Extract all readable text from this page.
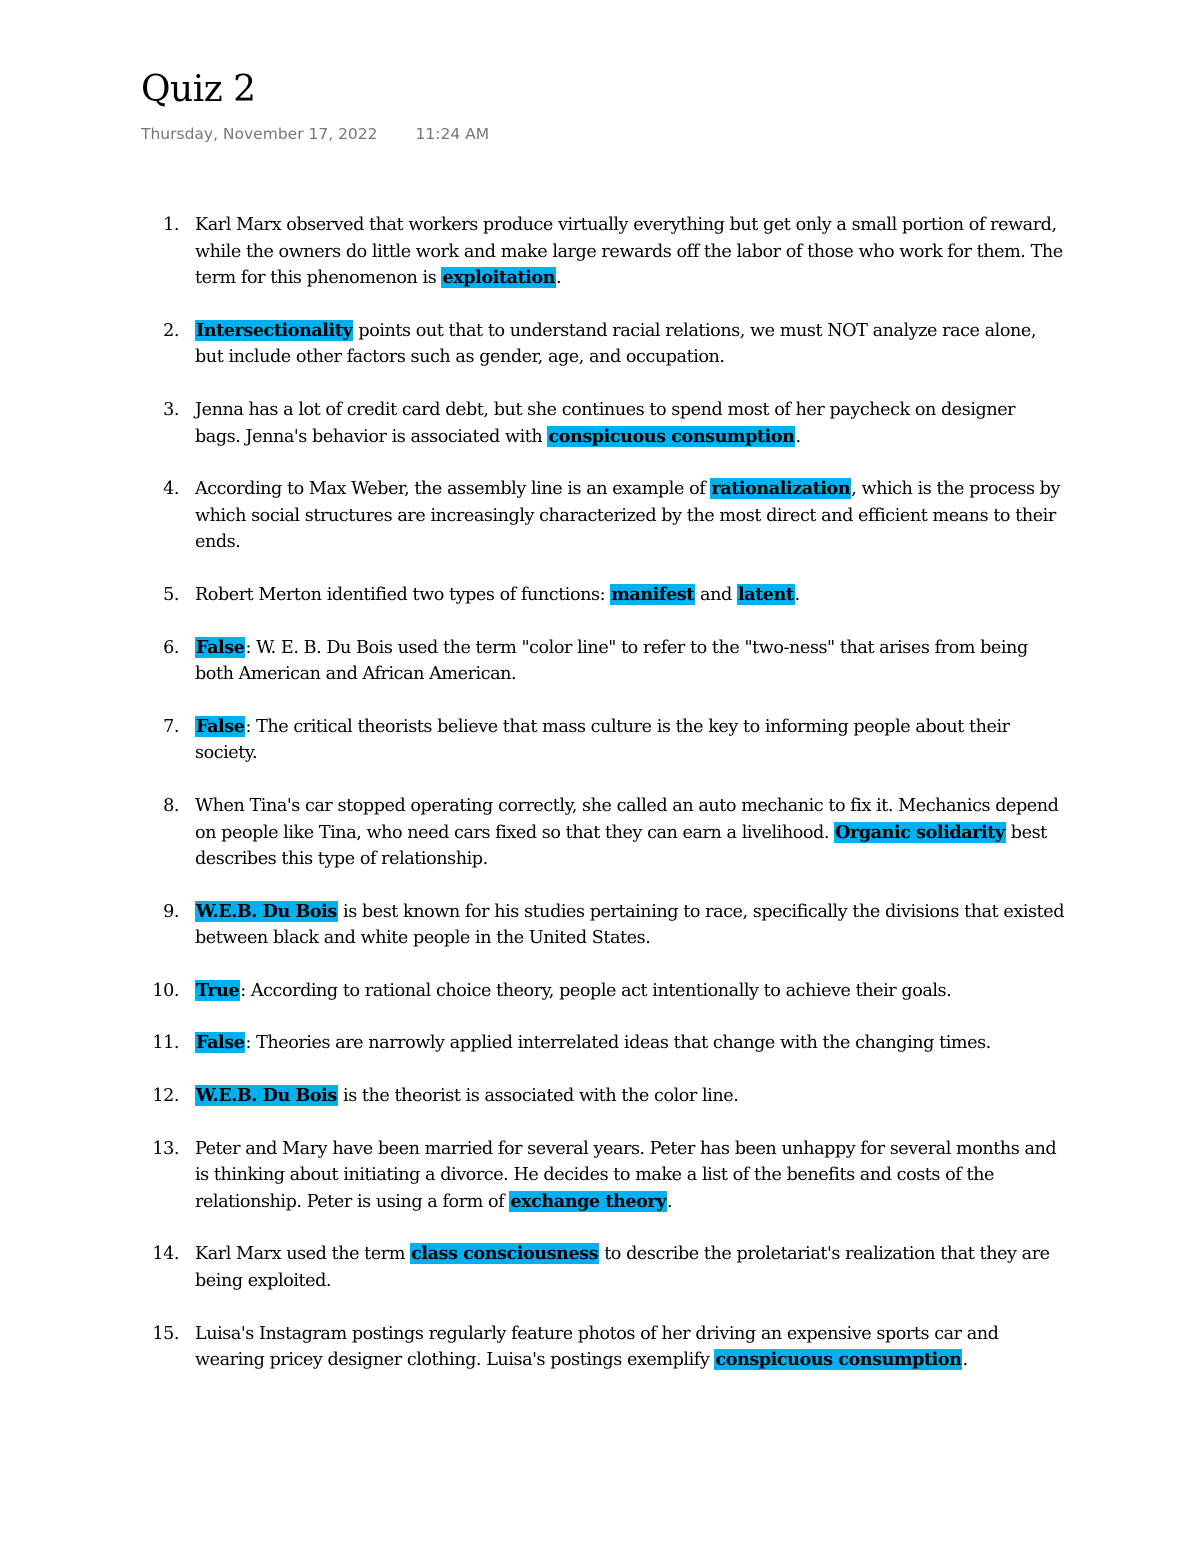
Quiz 2
Thursday, November 17, 2022 11:24 AM
1. Karl Marx observed that workers produce virtually everything but get only a small portion of reward, while the owners do little work and make large rewards off the labor of those who work for them. The term for this phenomenon is exploitation.
2. Intersectionality points out that to understand racial relations, we must NOT analyze race alone, but include other factors such as gender, age, and occupation.
3. Jenna has a lot of credit card debt, but she continues to spend most of her paycheck on designer bags. Jenna's behavior is associated with conspicuous consumption.
4. According to Max Weber, the assembly line is an example of rationalization, which is the process by which social structures are increasingly characterized by the most direct and efficient means to their ends.
5. Robert Merton identified two types of functions: manifest and latent.
6. False: W. E. B. Du Bois used the term "color line" to refer to the "two-ness" that arises from being both American and African American.
7. False: The critical theorists believe that mass culture is the key to informing people about their society.
8. When Tina's car stopped operating correctly, she called an auto mechanic to fix it. Mechanics depend on people like Tina, who need cars fixed so that they can earn a livelihood. Organic solidarity best describes this type of relationship.
9. W.E.B. Du Bois is best known for his studies pertaining to race, specifically the divisions that existed between black and white people in the United States.
10. True: According to rational choice theory, people act intentionally to achieve their goals.
11. False: Theories are narrowly applied interrelated ideas that change with the changing times.
12. W.E.B. Du Bois is the theorist is associated with the color line.
13. Peter and Mary have been married for several years. Peter has been unhappy for several months and is thinking about initiating a divorce. He decides to make a list of the benefits and costs of the relationship. Peter is using a form of exchange theory.
14. Karl Marx used the term class consciousness to describe the proletariat's realization that they are being exploited.
15. Luisa's Instagram postings regularly feature photos of her driving an expensive sports car and wearing pricey designer clothing. Luisa's postings exemplify conspicuous consumption.
